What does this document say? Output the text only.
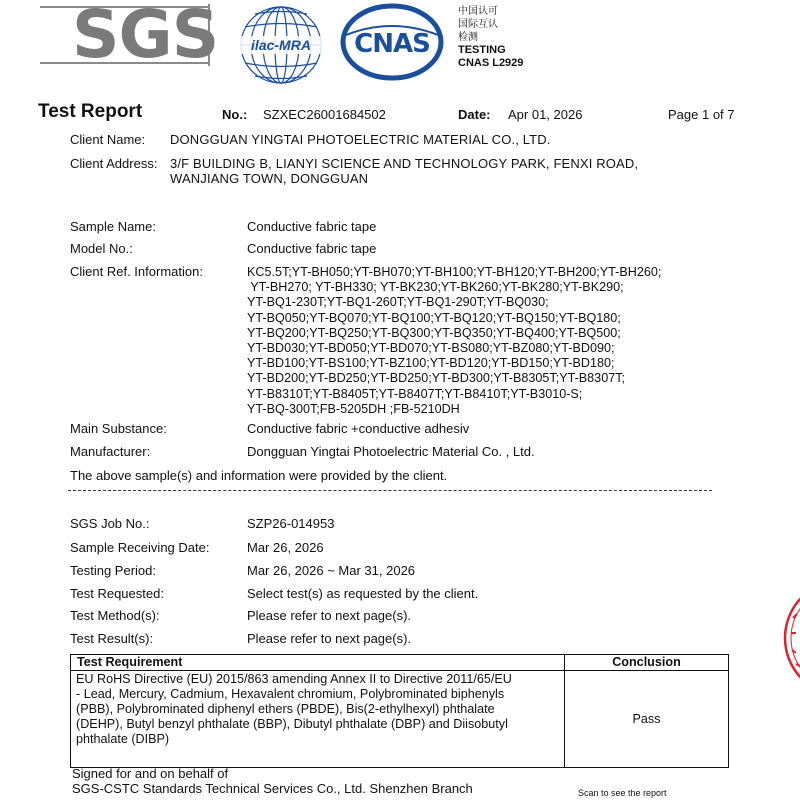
SGS ilac-MRA CNAS
中国认可
国际互认
检测
TESTING
CNAS L2929
Test Report	No.: SZXEC26001684502	Date: Apr 01, 2026	Page 1 of 7
Client Name: DONGGUAN YINGTAI PHOTOELECTRIC MATERIAL CO., LTD.
Client Address: 3/F BUILDING B, LIANYI SCIENCE AND TECHNOLOGY PARK, FENXI ROAD,
WANJIANG TOWN, DONGGUAN
Sample Name:	Conductive fabric tape
Model No.:	Conductive fabric tape
Client Ref. Information:	KC5.5T;YT-BH050;YT-BH070;YT-BH100;YT-BH120;YT-BH200;YT-BH260;
YT-BH270; YT-BH330; YT-BK230;YT-BK260;YT-BK280;YT-BK290;
YT-BQ1-230T;YT-BQ1-260T;YT-BQ1-290T;YT-BQ030;
YT-BQ050;YT-BQ070;YT-BQ100;YT-BQ120;YT-BQ150;YT-BQ180;
YT-BQ200;YT-BQ250;YT-BQ300;YT-BQ350;YT-BQ400;YT-BQ500;
YT-BD030;YT-BD050;YT-BD070;YT-BS080;YT-BZ080;YT-BD090;
YT-BD100;YT-BS100;YT-BZ100;YT-BD120;YT-BD150;YT-BD180;
YT-BD200;YT-BD250;YT-BD250;YT-BD300;YT-B8305T;YT-B8307T;
YT-B8310T;YT-B8405T;YT-B8407T;YT-B8410T;YT-B3010-S;
YT-BQ-300T;FB-5205DH ;FB-5210DH
Main Substance:	Conductive fabric +conductive adhesiv
Manufacturer:	Dongguan Yingtai Photoelectric Material Co. , Ltd.
The above sample(s) and information were provided by the client.
SGS Job No.:	SZP26-014953
Sample Receiving Date:	Mar 26, 2026
Testing Period:	Mar 26, 2026 ~ Mar 31, 2026
Test Requested:	Select test(s) as requested by the client.
Test Method(s):	Please refer to next page(s).
Test Result(s):	Please refer to next page(s).
Test Requirement	Conclusion

EU RoHS Directive (EU) 2015/863 amending Annex II to Directive 2011/65/EU
- Lead, Mercury, Cadmium, Hexavalent chromium, Polybrominated biphenyls
(PBB), Polybrominated diphenyl ethers (PBDE), Bis(2-ethylhexyl) phthalate
(DEHP), Butyl benzyl phthalate (BBP), Dibutyl phthalate (DBP) and Diisobutyl
phthalate (DIBP)	Pass
Signed for and on behalf of
SGS-CSTC Standards Technical Services Co., Ltd. Shenzhen Branch	Scan to see the report
